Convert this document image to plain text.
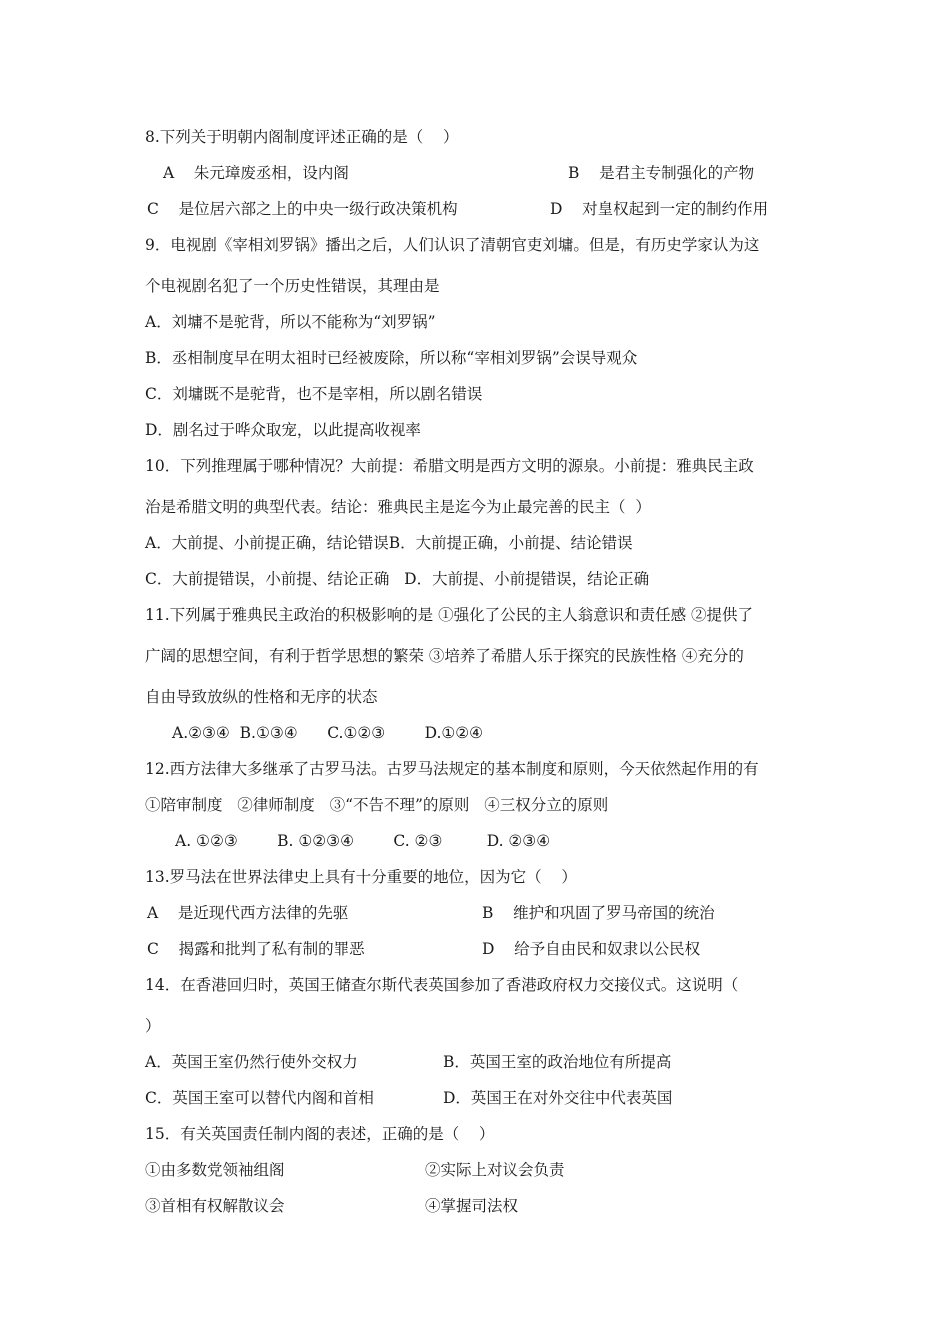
8.下列关于明朝内阁制度评述正确的是（    ）
A    朱元璋废丞相，设内阁	B    是君主专制强化的产物
C    是位居六部之上的中央一级行政决策机构	D    对皇权起到一定的制约作用
9．电视剧《宰相刘罗锅》播出之后，人们认识了清朝官吏刘墉。但是，有历史学家认为这
个电视剧名犯了一个历史性错误，其理由是
A．刘墉不是驼背，所以不能称为“刘罗锅”
B．丞相制度早在明太祖时已经被废除，所以称“宰相刘罗锅”会误导观众
C．刘墉既不是驼背，也不是宰相，所以剧名错误
D．剧名过于哗众取宠，以此提高收视率
10．下列推理属于哪种情况？大前提：希腊文明是西方文明的源泉。小前提：雅典民主政
治是希腊文明的典型代表。结论：雅典民主是迄今为止最完善的民主（  ）
A．大前提、小前提正确，结论错误B．大前提正确，小前提、结论错误
C．大前提错误，小前提、结论正确   D．大前提、小前提错误，结论正确
11.下列属于雅典民主政治的积极影响的是 ①强化了公民的主人翁意识和责任感 ②提供了
广阔的思想空间，有利于哲学思想的繁荣 ③培养了希腊人乐于探究的民族性格 ④充分的
自由导致放纵的性格和无序的状态
A.②③④  B.①③④      C.①②③        D.①②④
12.西方法律大多继承了古罗马法。古罗马法规定的基本制度和原则，今天依然起作用的有
①陪审制度   ②律师制度   ③“不告不理”的原则   ④三权分立的原则
A. ①②③        B. ①②③④        C. ②③         D. ②③④
13.罗马法在世界法律史上具有十分重要的地位，因为它（    ）
A    是近现代西方法律的先驱	B    维护和巩固了罗马帝国的统治
C    揭露和批判了私有制的罪恶	D    给予自由民和奴隶以公民权
14．在香港回归时，英国王储查尔斯代表英国参加了香港政府权力交接仪式。这说明（
）
A．英国王室仍然行使外交权力	B．英国王室的政治地位有所提高
C．英国王室可以替代内阁和首相	D．英国王在对外交往中代表英国
15．有关英国责任制内阁的表述，正确的是（    ）
①由多数党领袖组阁	②实际上对议会负责
③首相有权解散议会	④掌握司法权
